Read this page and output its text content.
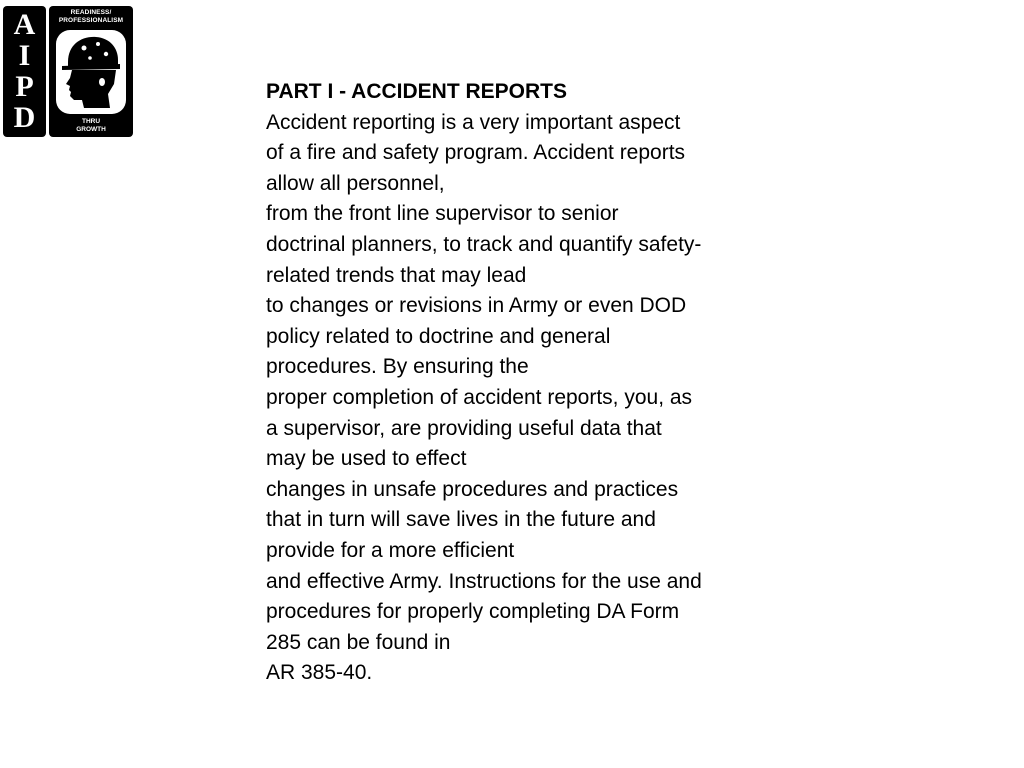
A
I
P
D
READINESS/
PROFESSIONALISM
THRU
GROWTH
PART I - ACCIDENT REPORTS
Accident reporting is a very important aspect
of a fire and safety program. Accident reports
allow all personnel,
from the front line supervisor to senior
doctrinal planners, to track and quantify safety-
related trends that may lead
to changes or revisions in Army or even DOD
policy related to doctrine and general
procedures. By ensuring the
proper completion of accident reports, you, as
a supervisor, are providing useful data that
may be used to effect
changes in unsafe procedures and practices
that in turn will save lives in the future and
provide for a more efficient
and effective Army. Instructions for the use and
procedures for properly completing DA Form
285 can be found in
AR 385-40.
